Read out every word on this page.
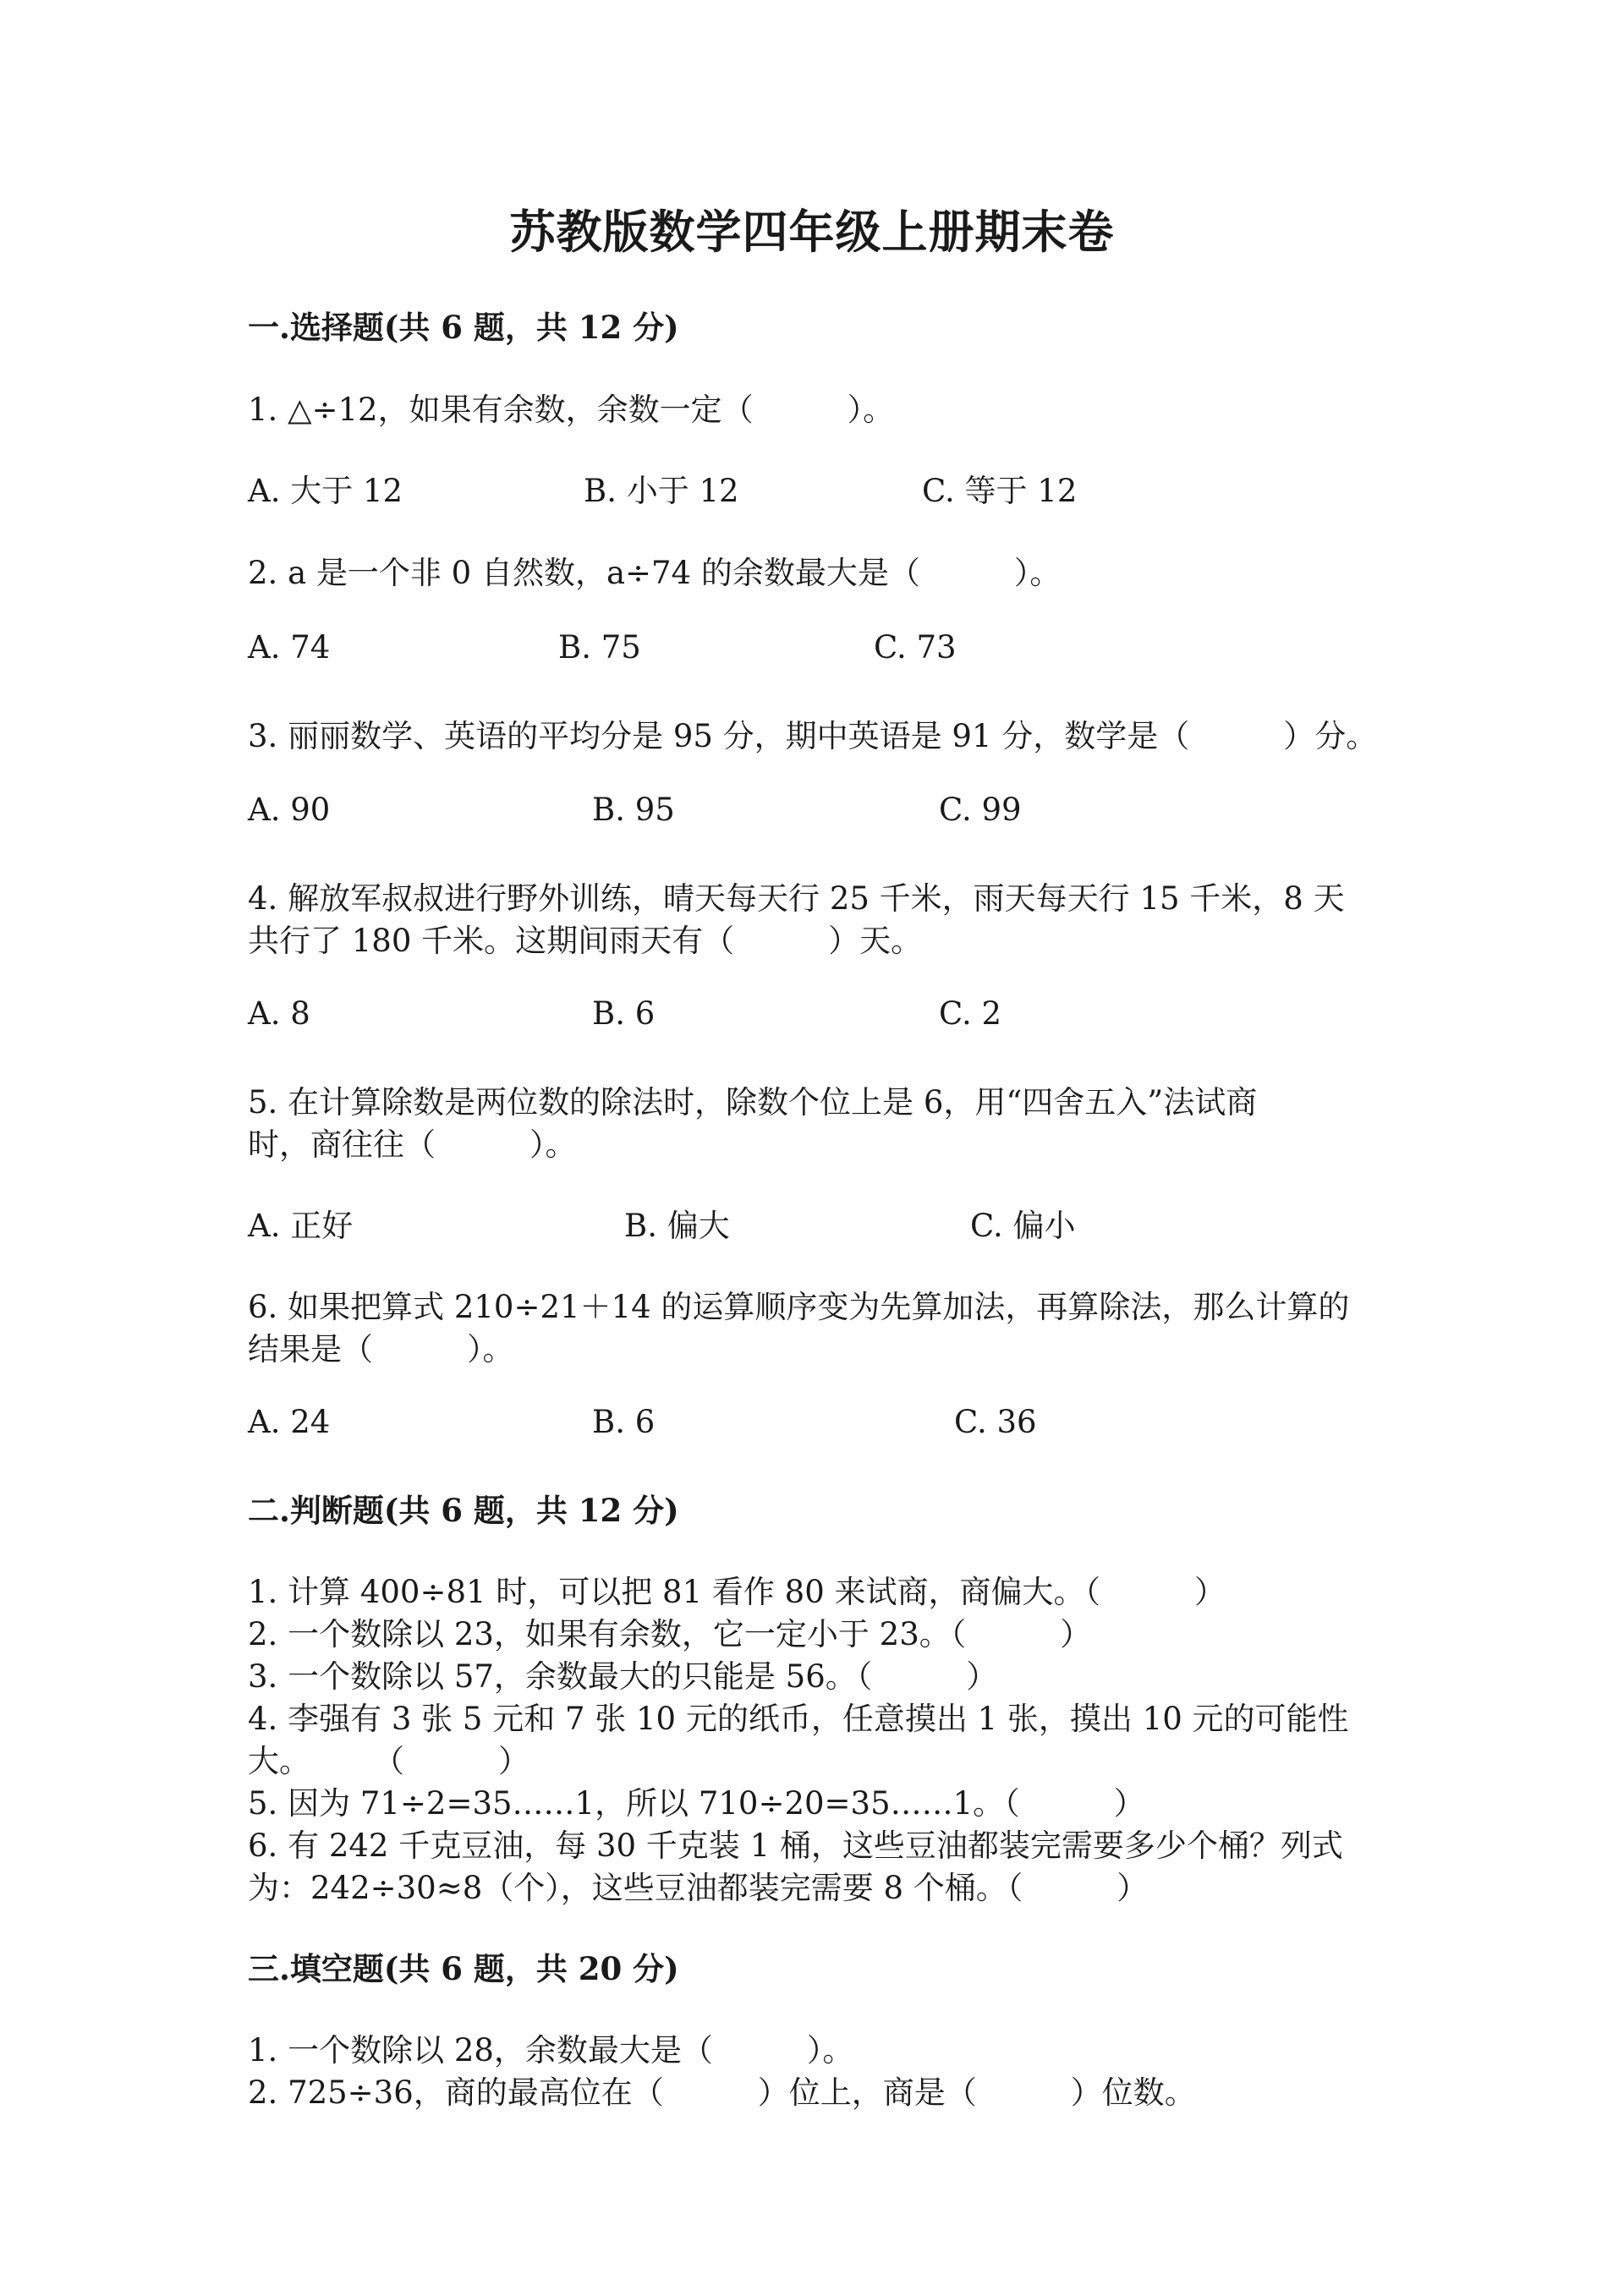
苏教版数学四年级上册期末卷
一.选择题(共 6 题，共 12 分)
1. △÷12，如果有余数，余数一定（　　　）。
A. 大于 12	B. 小于 12	C. 等于 12
2. a 是一个非 0 自然数，a÷74 的余数最大是（　　　）。
A. 74	B. 75	C. 73
3. 丽丽数学、英语的平均分是 95 分，期中英语是 91 分，数学是（　　　）分。
A. 90	B. 95	C. 99
4. 解放军叔叔进行野外训练，晴天每天行 25 千米，雨天每天行 15 千米，8 天
共行了 180 千米。这期间雨天有（　　　）天。
A. 8	B. 6	C. 2
5. 在计算除数是两位数的除法时，除数个位上是 6，用“四舍五入”法试商
时，商往往（　　　）。
A. 正好	B. 偏大	C. 偏小
6. 如果把算式 210÷21＋14 的运算顺序变为先算加法，再算除法，那么计算的
结果是（　　　）。
A. 24	B. 6	C. 36
二.判断题(共 6 题，共 12 分)
1. 计算 400÷81 时，可以把 81 看作 80 来试商，商偏大。（　　　）
2. 一个数除以 23，如果有余数，它一定小于 23。（　　　）
3. 一个数除以 57，余数最大的只能是 56。（　　　）
4. 李强有 3 张 5 元和 7 张 10 元的纸币，任意摸出 1 张，摸出 10 元的可能性
大。　　　（　　　）
5. 因为 71÷2=35……1，所以 710÷20=35……1。（　　　）
6. 有 242 千克豆油，每 30 千克装 1 桶，这些豆油都装完需要多少个桶？列式
为：242÷30≈8（个），这些豆油都装完需要 8 个桶。（　　　）
三.填空题(共 6 题，共 20 分)
1. 一个数除以 28，余数最大是（　　　）。
2. 725÷36，商的最高位在（　　　）位上，商是（　　　）位数。
